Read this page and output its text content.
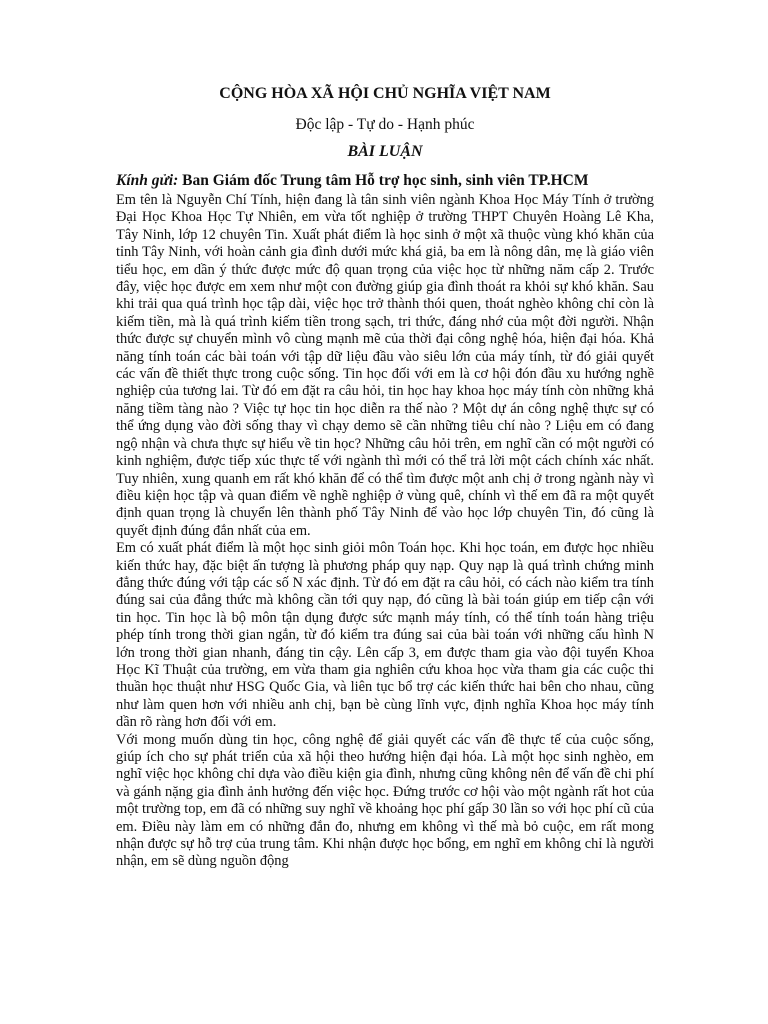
CỘNG HÒA XÃ HỘI CHỦ NGHĨA VIỆT NAM
Độc lập - Tự do - Hạnh phúc
BÀI LUẬN
Kính gửi: Ban Giám đốc Trung tâm Hỗ trợ học sinh, sinh viên TP.HCM

Em tên là Nguyễn Chí Tính, hiện đang là tân sinh viên ngành Khoa Học Máy Tính ở trường Đại Học Khoa Học Tự Nhiên, em vừa tốt nghiệp ở trường THPT Chuyên Hoàng Lê Kha, Tây Ninh, lớp 12 chuyên Tin. Xuất phát điểm là học sinh ở một xã thuộc vùng khó khăn của tỉnh Tây Ninh, với hoàn cảnh gia đình dưới mức khá giả, ba em là nông dân, mẹ là giáo viên tiểu học, em dần ý thức được mức độ quan trọng của việc học từ những năm cấp 2. Trước đây, việc học được em xem như một con đường giúp gia đình thoát ra khỏi sự khó khăn. Sau khi trải qua quá trình học tập dài, việc học trở thành thói quen, thoát nghèo không chỉ còn là kiếm tiền, mà là quá trình kiếm tiền trong sạch, tri thức, đáng nhớ của một đời người. Nhận thức được sự chuyển mình vô cùng mạnh mẽ của thời đại công nghệ hóa, hiện đại hóa. Khả năng tính toán các bài toán với tập dữ liệu đầu vào siêu lớn của máy tính, từ đó giải quyết các vấn đề thiết thực trong cuộc sống. Tin học đối với em là cơ hội đón đầu xu hướng nghề nghiệp của tương lai. Từ đó em đặt ra câu hỏi, tin học hay khoa học máy tính còn những khả năng tiềm tàng nào ? Việc tự học tin học diễn ra thế nào ? Một dự án công nghệ thực sự có thể ứng dụng vào đời sống thay vì chạy demo sẽ cần những tiêu chí nào ? Liệu em có đang ngộ nhận và chưa thực sự hiểu về tin học? Những câu hỏi trên, em nghĩ cần có một người có kinh nghiệm, được tiếp xúc thực tế với ngành thì mới có thể trả lời một cách chính xác nhất. Tuy nhiên, xung quanh em rất khó khăn để có thể tìm được một anh chị ở trong ngành này vì điều kiện học tập và quan điểm về nghề nghiệp ở vùng quê, chính vì thế em đã ra một quyết định quan trọng là chuyển lên thành phố Tây Ninh để vào học lớp chuyên Tin, đó cũng là quyết định đúng đắn nhất của em.

Em có xuất phát điểm là một học sinh giỏi môn Toán học. Khi học toán, em được học nhiều kiến thức hay, đặc biệt ấn tượng là phương pháp quy nạp. Quy nạp là quá trình chứng minh đẳng thức đúng với tập các số N xác định. Từ đó em đặt ra câu hỏi, có cách nào kiểm tra tính đúng sai của đẳng thức mà không cần tới quy nạp, đó cũng là bài toán giúp em tiếp cận với tin học. Tin học là bộ môn tận dụng được sức mạnh máy tính, có thể tính toán hàng triệu phép tính trong thời gian ngắn, từ đó kiểm tra đúng sai của bài toán với những cấu hình N lớn trong thời gian nhanh, đáng tin cậy. Lên cấp 3, em được tham gia vào đội tuyển Khoa Học Kĩ Thuật của trường, em vừa tham gia nghiên cứu khoa học vừa tham gia các cuộc thi thuần học thuật như HSG Quốc Gia, và liên tục bổ trợ các kiến thức hai bên cho nhau, cũng như làm quen hơn với nhiều anh chị, bạn bè cùng lĩnh vực, định nghĩa Khoa học máy tính dần rõ ràng hơn đối với em.

Với mong muốn dùng tin học, công nghệ để giải quyết các vấn đề thực tế của cuộc sống, giúp ích cho sự phát triển của xã hội theo hướng hiện đại hóa. Là một học sinh nghèo, em nghĩ việc học không chỉ dựa vào điều kiện gia đình, nhưng cũng không nên để vấn đề chi phí và gánh nặng gia đình ảnh hưởng đến việc học. Đứng trước cơ hội vào một ngành rất hot của một trường top, em đã có những suy nghĩ về khoảng học phí gấp 30 lần so với học phí cũ của em. Điều này làm em có những đắn đo, nhưng em không vì thế mà bỏ cuộc, em rất mong nhận được sự hỗ trợ của trung tâm. Khi nhận được học bổng, em nghĩ em không chỉ là người nhận, em sẽ dùng nguồn động
